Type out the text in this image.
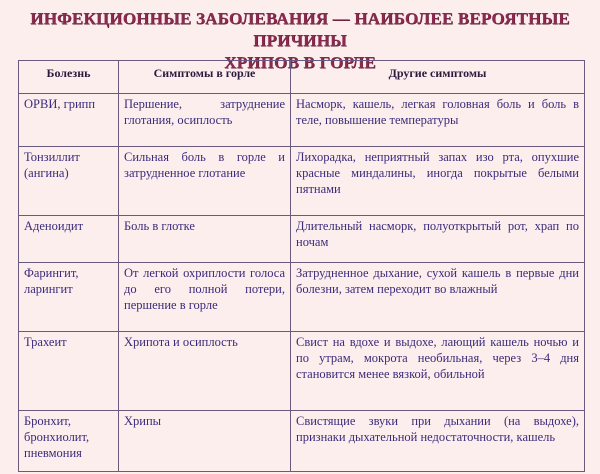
ИНФЕКЦИОННЫЕ ЗАБОЛЕВАНИЯ — НАИБОЛЕЕ ВЕРОЯТНЫЕ ПРИЧИНЫ
ХРИПОВ В ГОРЛЕ
Болезнь	Симптомы в горле	Другие симптомы
ОРВИ, грипп	Першение, затруднение глотания, осиплость	Насморк, кашель, легкая головная боль и боль в теле, повышение температуры
Тонзиллит (ангина)	Сильная боль в горле и затрудненное глотание	Лихорадка, неприятный запах изо рта, опухшие красные миндалины, иногда покрытые белыми пятнами
Аденоидит	Боль в глотке	Длительный насморк, полуоткрытый рот, храп по ночам
Фарингит, ларингит	От легкой охриплости голоса до его полной потери, першение в горле	Затрудненное дыхание, сухой кашель в первые дни болезни, затем переходит во влажный
Трахеит	Хрипота и осиплость	Свист на вдохе и выдохе, лающий кашель ночью и по утрам, мокрота необильная, через 3–4 дня становится менее вязкой, обильной
Бронхит, бронхиолит, пневмония	Хрипы	Свистящие звуки при дыхании (на выдохе), признаки дыхательной недостаточности, кашель
